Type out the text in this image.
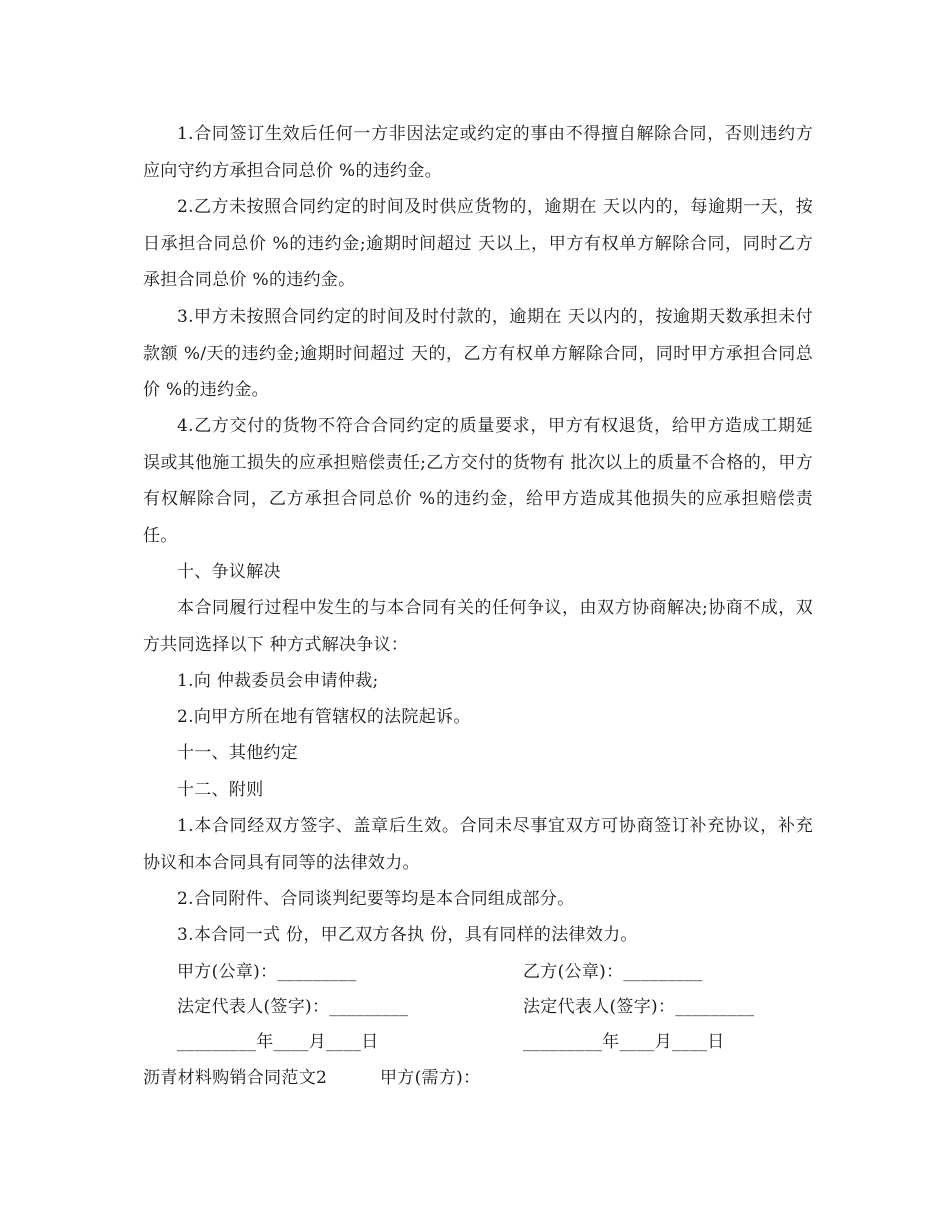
1.合同签订生效后任何一方非因法定或约定的事由不得擅自解除合同，否则违约方应向守约方承担合同总价 %的违约金。

2.乙方未按照合同约定的时间及时供应货物的，逾期在 天以内的，每逾期一天，按日承担合同总价 %的违约金;逾期时间超过 天以上，甲方有权单方解除合同，同时乙方承担合同总价 %的违约金。

3.甲方未按照合同约定的时间及时付款的，逾期在 天以内的，按逾期天数承担未付款额 %/天的违约金;逾期时间超过 天的，乙方有权单方解除合同，同时甲方承担合同总价 %的违约金。

4.乙方交付的货物不符合合同约定的质量要求，甲方有权退货，给甲方造成工期延误或其他施工损失的应承担赔偿责任;乙方交付的货物有 批次以上的质量不合格的，甲方有权解除合同，乙方承担合同总价 %的违约金，给甲方造成其他损失的应承担赔偿责任。

十、争议解决

本合同履行过程中发生的与本合同有关的任何争议，由双方协商解决;协商不成，双方共同选择以下 种方式解决争议：

1.向 仲裁委员会申请仲裁;

2.向甲方所在地有管辖权的法院起诉。

十一、其他约定

十二、附则

1.本合同经双方签字、盖章后生效。合同未尽事宜双方可协商签订补充协议，补充协议和本合同具有同等的法律效力。

2.合同附件、合同谈判纪要等均是本合同组成部分。

3.本合同一式 份，甲乙双方各执 份，具有同样的法律效力。

甲方(公章)：_________	乙方(公章)：_________
法定代表人(签字)：_________	法定代表人(签字)：_________
_________年____月____日	_________年____月____日
沥青材料购销合同范文2	甲方(需方)：
